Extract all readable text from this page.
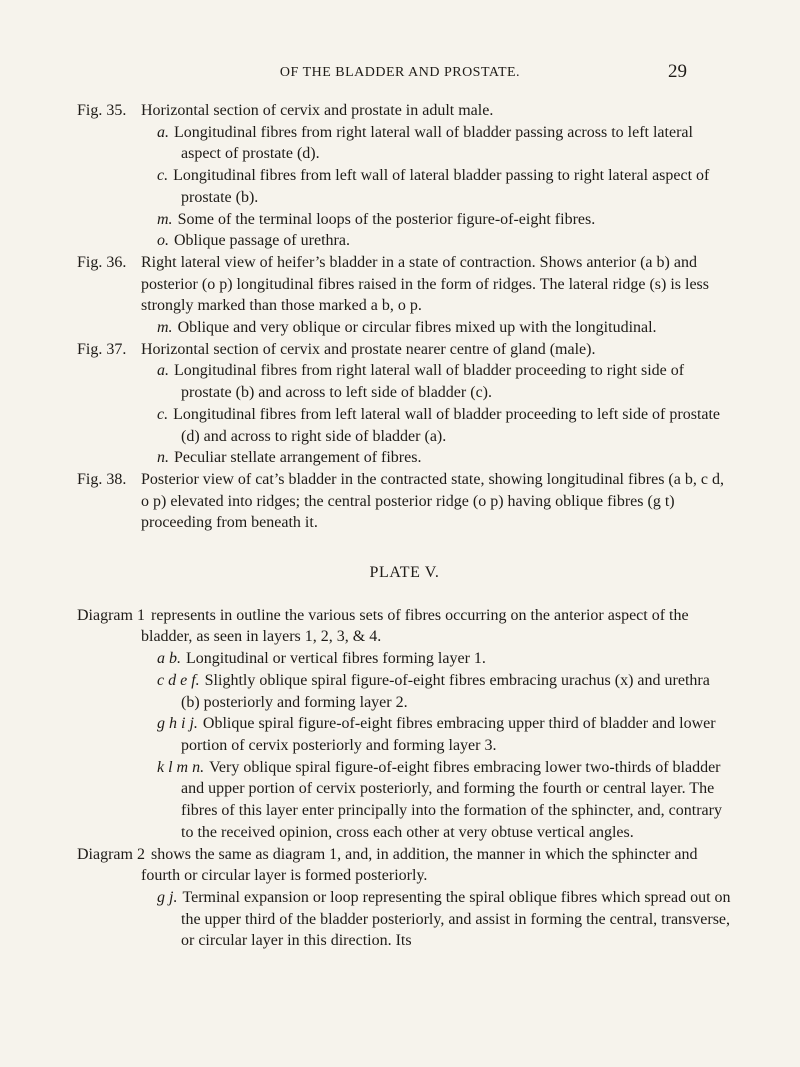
OF THE BLADDER AND PROSTATE.	29

Fig. 35. Horizontal section of cervix and prostate in adult male.

a. Longitudinal fibres from right lateral wall of bladder passing across to left lateral aspect of prostate (d).

c. Longitudinal fibres from left wall of lateral bladder passing to right lateral aspect of prostate (b).

m. Some of the terminal loops of the posterior figure-of-eight fibres.

o. Oblique passage of urethra.

Fig. 36. Right lateral view of heifer’s bladder in a state of contraction. Shows anterior (a b) and posterior (o p) longitudinal fibres raised in the form of ridges. The lateral ridge (s) is less strongly marked than those marked a b, o p.

m. Oblique and very oblique or circular fibres mixed up with the longitudinal.

Fig. 37. Horizontal section of cervix and prostate nearer centre of gland (male).

a. Longitudinal fibres from right lateral wall of bladder proceeding to right side of prostate (b) and across to left side of bladder (c).

c. Longitudinal fibres from left lateral wall of bladder proceeding to left side of prostate (d) and across to right side of bladder (a).

n. Peculiar stellate arrangement of fibres.

Fig. 38. Posterior view of cat’s bladder in the contracted state, showing longitudinal fibres (a b, c d, o p) elevated into ridges; the central posterior ridge (o p) having oblique fibres (g t) proceeding from beneath it.

PLATE V.

Diagram 1 represents in outline the various sets of fibres occurring on the anterior aspect of the bladder, as seen in layers 1, 2, 3, & 4.

a b. Longitudinal or vertical fibres forming layer 1.

c d e f. Slightly oblique spiral figure-of-eight fibres embracing urachus (x) and urethra (b) posteriorly and forming layer 2.

g h i j. Oblique spiral figure-of-eight fibres embracing upper third of bladder and lower portion of cervix posteriorly and forming layer 3.

k l m n. Very oblique spiral figure-of-eight fibres embracing lower two-thirds of bladder and upper portion of cervix posteriorly, and forming the fourth or central layer. The fibres of this layer enter principally into the formation of the sphincter, and, contrary to the received opinion, cross each other at very obtuse vertical angles.

Diagram 2 shows the same as diagram 1, and, in addition, the manner in which the sphincter and fourth or circular layer is formed posteriorly.

g j. Terminal expansion or loop representing the spiral oblique fibres which spread out on the upper third of the bladder posteriorly, and assist in forming the central, transverse, or circular layer in this direction. Its
